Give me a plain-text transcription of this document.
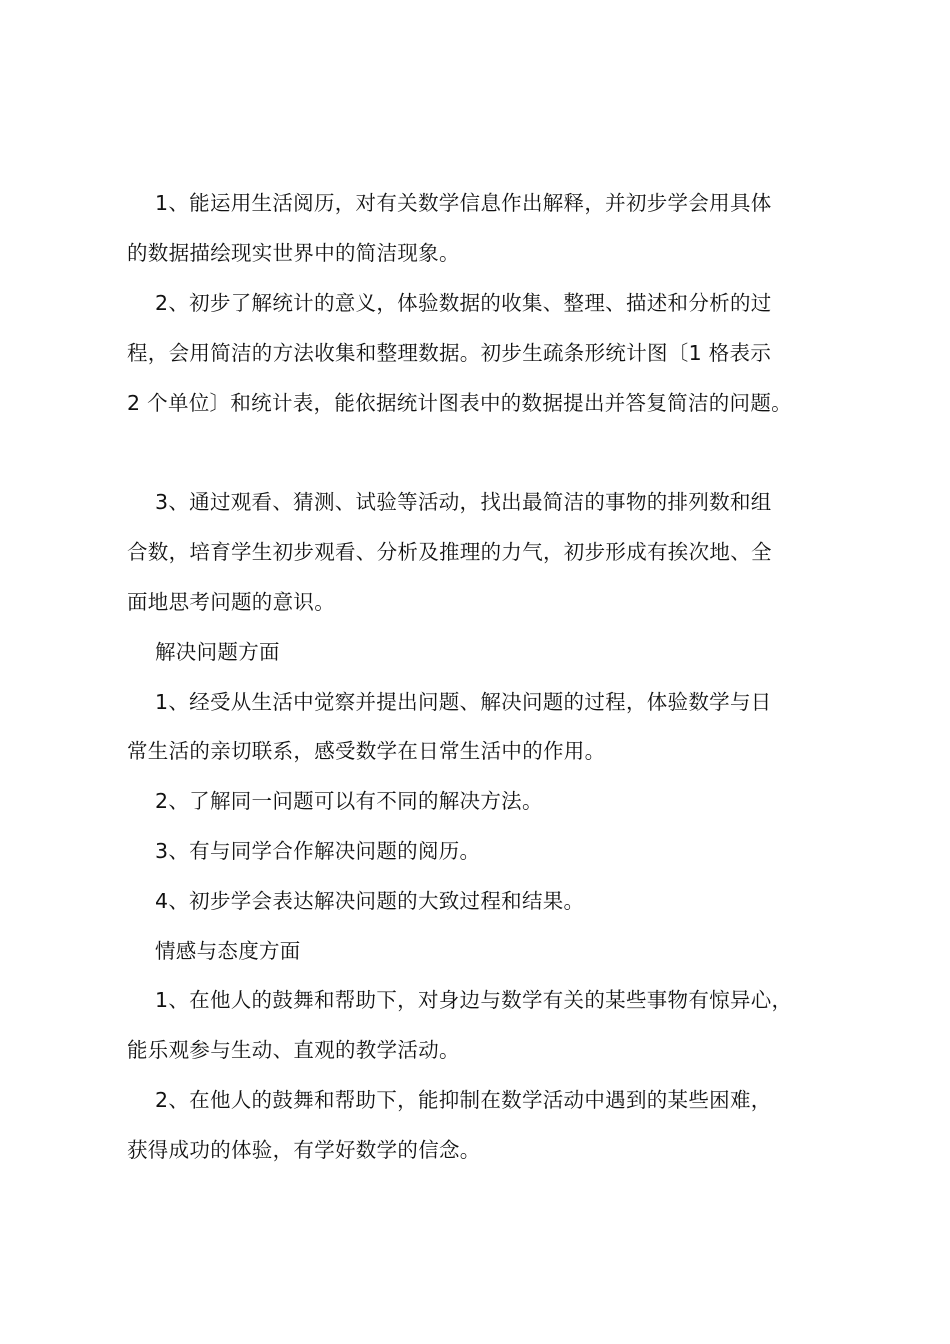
1、能运用生活阅历，对有关数学信息作出解释，并初步学会用具体
的数据描绘现实世界中的简洁现象。
2、初步了解统计的意义，体验数据的收集、整理、描述和分析的过
程，会用简洁的方法收集和整理数据。初步生疏条形统计图〔1 格表示
2 个单位〕和统计表，能依据统计图表中的数据提出并答复简洁的问题。
3、通过观看、猜测、试验等活动，找出最简洁的事物的排列数和组
合数，培育学生初步观看、分析及推理的力气，初步形成有挨次地、全
面地思考问题的意识。
解决问题方面
1、经受从生活中觉察并提出问题、解决问题的过程，体验数学与日
常生活的亲切联系，感受数学在日常生活中的作用。
2、了解同一问题可以有不同的解决方法。
3、有与同学合作解决问题的阅历。
4、初步学会表达解决问题的大致过程和结果。
情感与态度方面
1、在他人的鼓舞和帮助下，对身边与数学有关的某些事物有惊异心，
能乐观参与生动、直观的教学活动。
2、在他人的鼓舞和帮助下，能抑制在数学活动中遇到的某些困难，
获得成功的体验，有学好数学的信念。
